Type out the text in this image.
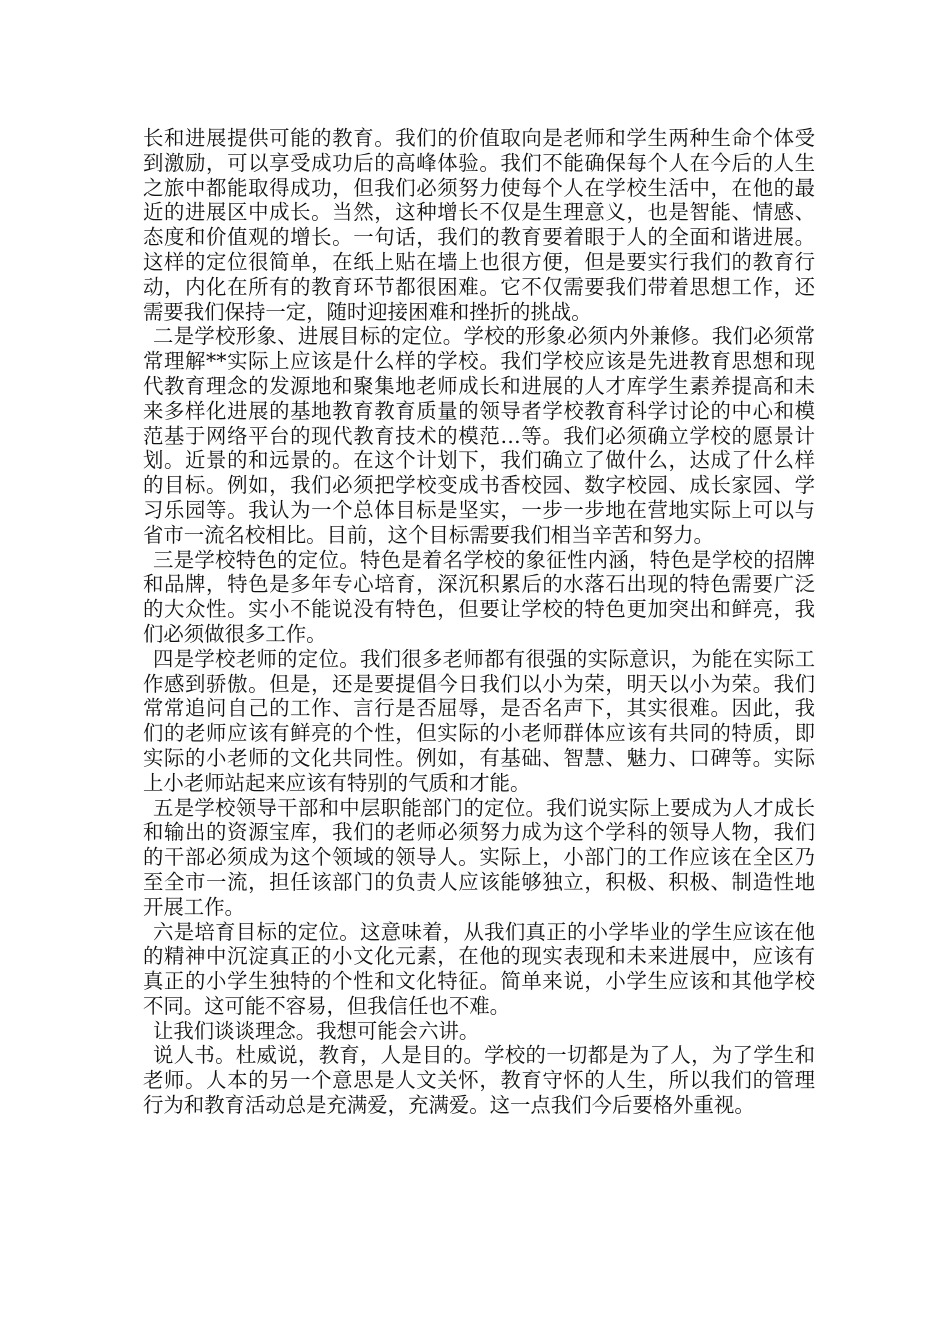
长和进展提供可能的教育。我们的价值取向是老师和学生两种生命个体受到激励，可以享受成功后的高峰体验。我们不能确保每个人在今后的人生之旅中都能取得成功，但我们必须努力使每个人在学校生活中，在他的最近的进展区中成长。当然，这种增长不仅是生理意义，也是智能、情感、态度和价值观的增长。一句话，我们的教育要着眼于人的全面和谐进展。这样的定位很简单，在纸上贴在墙上也很方便，但是要实行我们的教育行动，内化在所有的教育环节都很困难。它不仅需要我们带着思想工作，还需要我们保持一定，随时迎接困难和挫折的挑战。

二是学校形象、进展目标的定位。学校的形象必须内外兼修。我们必须常常理解**实际上应该是什么样的学校。我们学校应该是先进教育思想和现代教育理念的发源地和聚集地老师成长和进展的人才库学生素养提高和未来多样化进展的基地教育教育质量的领导者学校教育科学讨论的中心和模范基于网络平台的现代教育技术的模范…等。我们必须确立学校的愿景计划。近景的和远景的。在这个计划下，我们确立了做什么，达成了什么样的目标。例如，我们必须把学校变成书香校园、数字校园、成长家园、学习乐园等。我认为一个总体目标是坚实，一步一步地在营地实际上可以与省市一流名校相比。目前，这个目标需要我们相当辛苦和努力。

三是学校特色的定位。特色是着名学校的象征性内涵，特色是学校的招牌和品牌，特色是多年专心培育，深沉积累后的水落石出现的特色需要广泛的大众性。实小不能说没有特色，但要让学校的特色更加突出和鲜亮，我们必须做很多工作。

四是学校老师的定位。我们很多老师都有很强的实际意识，为能在实际工作感到骄傲。但是，还是要提倡今日我们以小为荣，明天以小为荣。我们常常追问自己的工作、言行是否屈辱，是否名声下，其实很难。因此，我们的老师应该有鲜亮的个性，但实际的小老师群体应该有共同的特质，即实际的小老师的文化共同性。例如，有基础、智慧、魅力、口碑等。实际上小老师站起来应该有特别的气质和才能。

五是学校领导干部和中层职能部门的定位。我们说实际上要成为人才成长和输出的资源宝库，我们的老师必须努力成为这个学科的领导人物，我们的干部必须成为这个领域的领导人。实际上，小部门的工作应该在全区乃至全市一流，担任该部门的负责人应该能够独立，积极、积极、制造性地开展工作。

六是培育目标的定位。这意味着，从我们真正的小学毕业的学生应该在他的精神中沉淀真正的小文化元素，在他的现实表现和未来进展中，应该有真正的小学生独特的个性和文化特征。简单来说，小学生应该和其他学校不同。这可能不容易，但我信任也不难。

让我们谈谈理念。我想可能会六讲。

说人书。杜威说，教育，人是目的。学校的一切都是为了人，为了学生和老师。人本的另一个意思是人文关怀，教育守怀的人生，所以我们的管理行为和教育活动总是充满爱，充满爱。这一点我们今后要格外重视。
